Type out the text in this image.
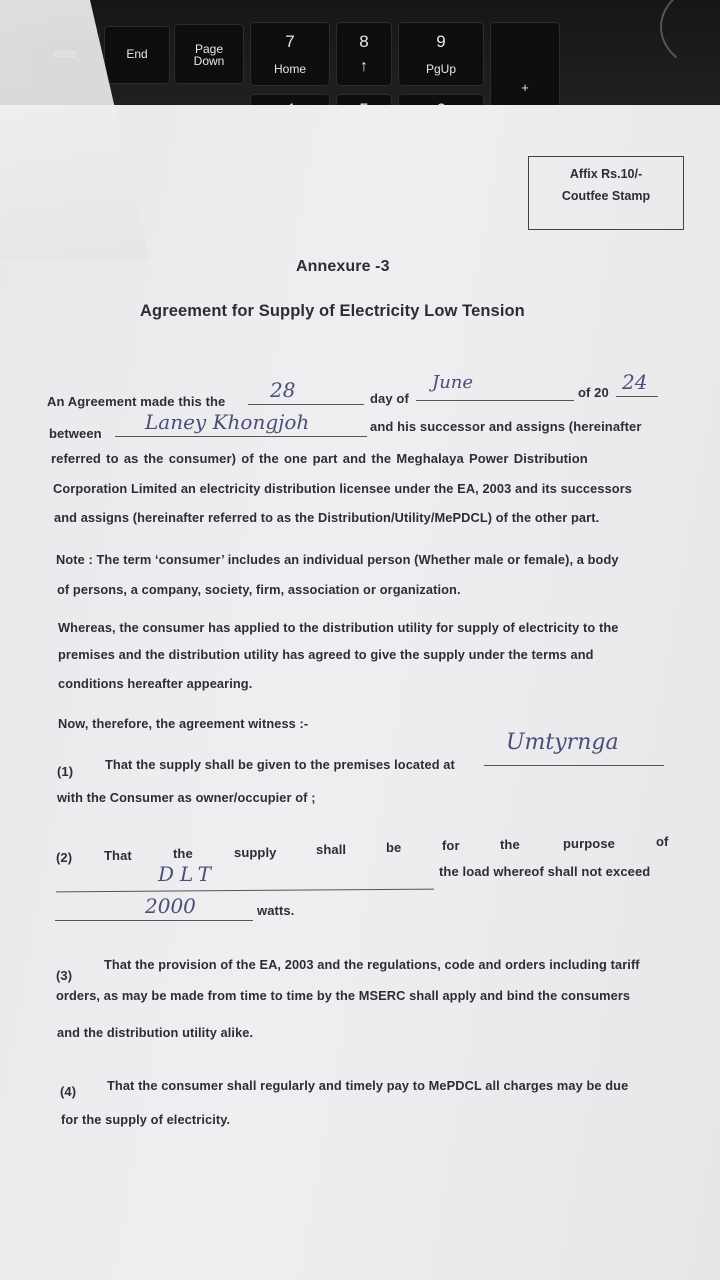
End	Page
Down
7
Home
8
↑
9
PgUp
+
Affix Rs.10/-
Coutfee Stamp
Annexure -3
Agreement for Supply of Electricity Low Tension
An Agreement made this the 28	day of
June	of 20 24
between Laney Khongjoh	and his successor and assigns (hereinafter
referred to as the consumer) of the one part and the Meghalaya Power Distribution
Corporation Limited an electricity distribution licensee under the EA, 2003 and its successors
and assigns (hereinafter referred to as the Distribution/Utility/MePDCL) of the other part.
Note : The term ‘consumer’ includes an individual person (Whether male or female), a body
of persons, a company, society, firm, association or organization.
Whereas, the consumer has applied to the distribution utility for supply of electricity to the
premises and the distribution utility has agreed to give the supply under the terms and
conditions hereafter appearing.
Now, therefore, the agreement witness :-
(1) That the supply shall be given to the premises located at
Umtyrnga
with the Consumer as owner/occupier of ;
(2) That	the	supply	shall	be	for	the	purpose	of
DLT	the load whereof shall not exceed
2000	watts.
(3)
That the provision of the EA, 2003 and the regulations, code and orders including tariff
orders, as may be made from time to time by the MSERC shall apply and bind the consumers
and the distribution utility alike.
(4) That the consumer shall regularly and timely pay to MePDCL all charges may be due
for the supply of electricity.
